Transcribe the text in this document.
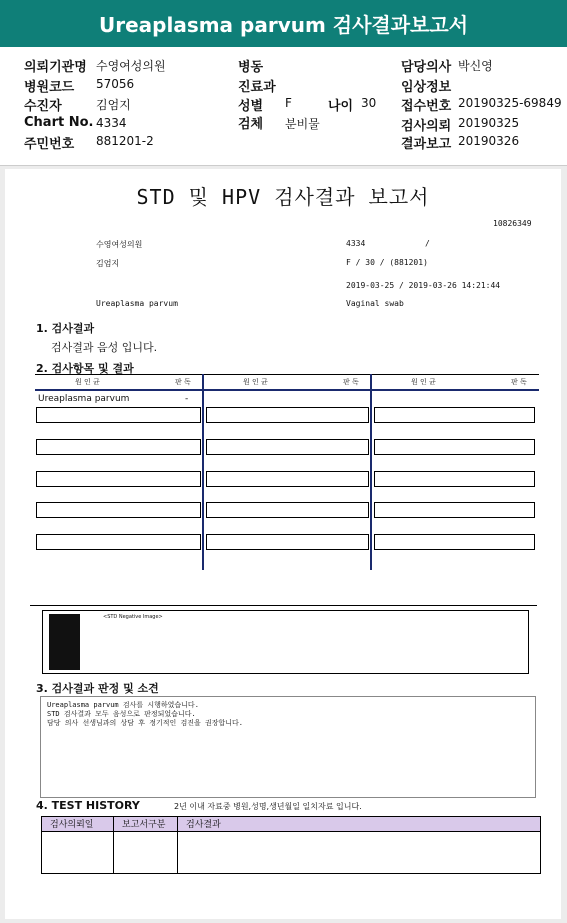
Ureaplasma parvum 검사결과보고서
의뢰기관명 수영여성의원
병원코드 57056
수진자	김엄지
Chart No. 4334
주민번호 881201-2
병동
진료과
성별 F	나이 30
검체 분비물
담당의사 박신영
임상정보
접수번호 20190325-69849
검사의뢰 20190325
결과보고 20190326
STD 및 HPV 검사결과 보고서
10826349
수영여성의원	4334	/
김엄지	F / 30 / (881201)
2019-03-25 / 2019-03-26 14:21:44
Ureaplasma parvum	Vaginal swab
1. 검사결과
검사결과 음성 입니다.
2. 검사항목 및 결과
원 인 균	판 독	원 인 균	판 독	원 인 균	판 독
Ureaplasma parvum	-
<STD Negative Image>
3. 검사결과 판정 및 소견
Ureaplasma parvum 검사를 시행하였습니다.
STD 검사결과 모두 음성으로 판정되었습니다.
담당 의사 선생님과의 상담 후 정기적인 검진을 권장합니다.
4. TEST HISTORY	2년 이내 자료중 병원,성명,생년월일 일치자료 입니다.
검사의뢰일	보고서구분	검사결과
